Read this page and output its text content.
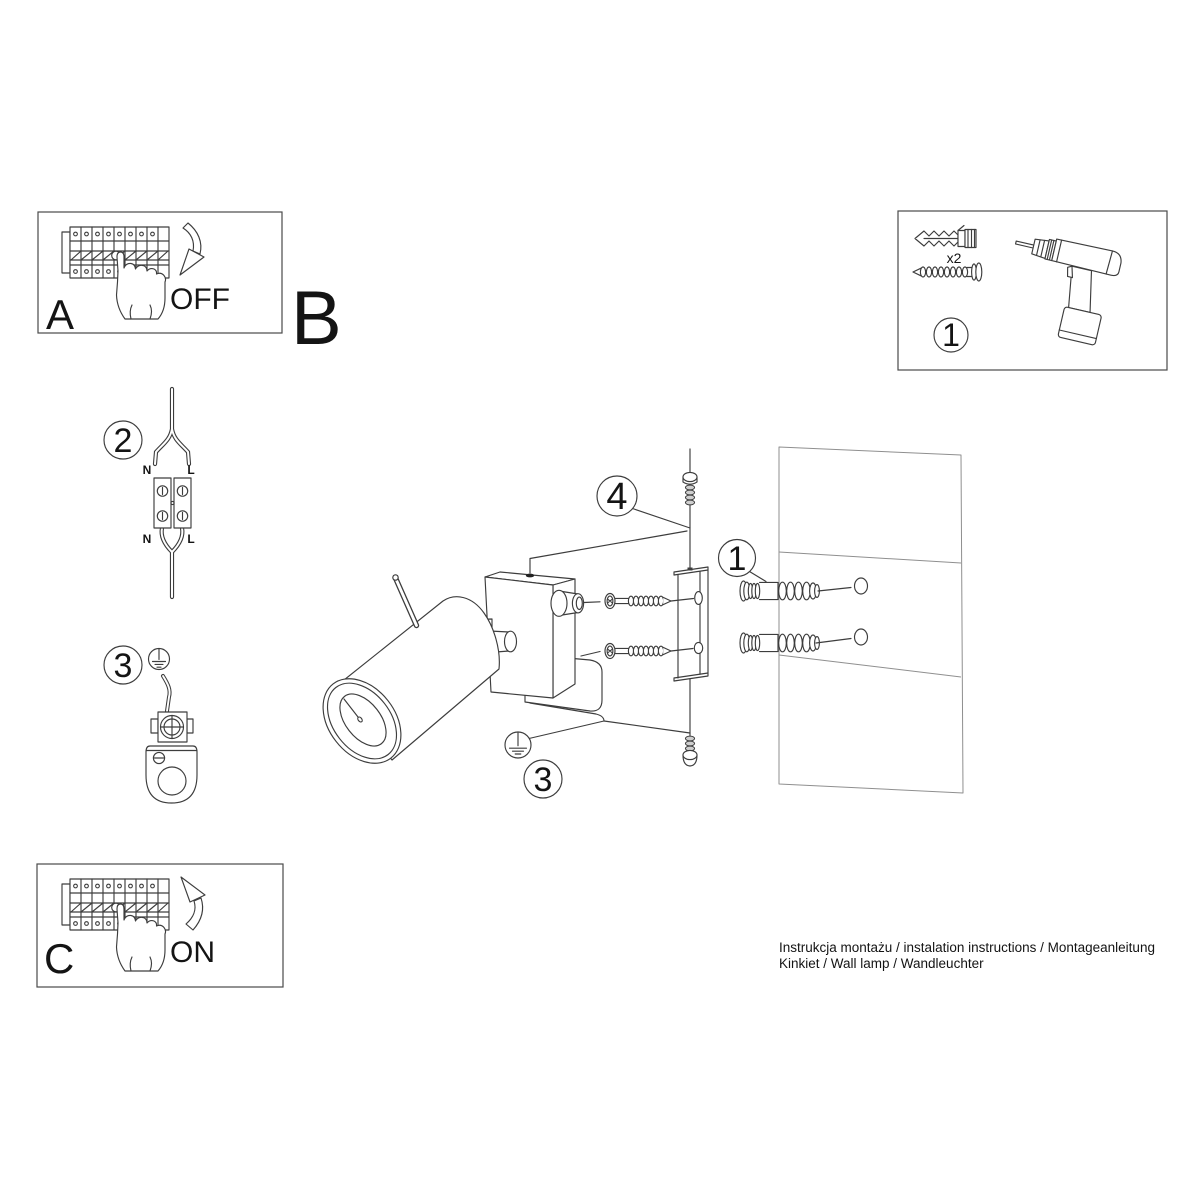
A	OFF B
x2
1
2
N	L
N	L
3
4
1
3
C	ON	Instrukcja montażu / instalation instructions / Montageanleitung
Kinkiet / Wall lamp / Wandleuchter
